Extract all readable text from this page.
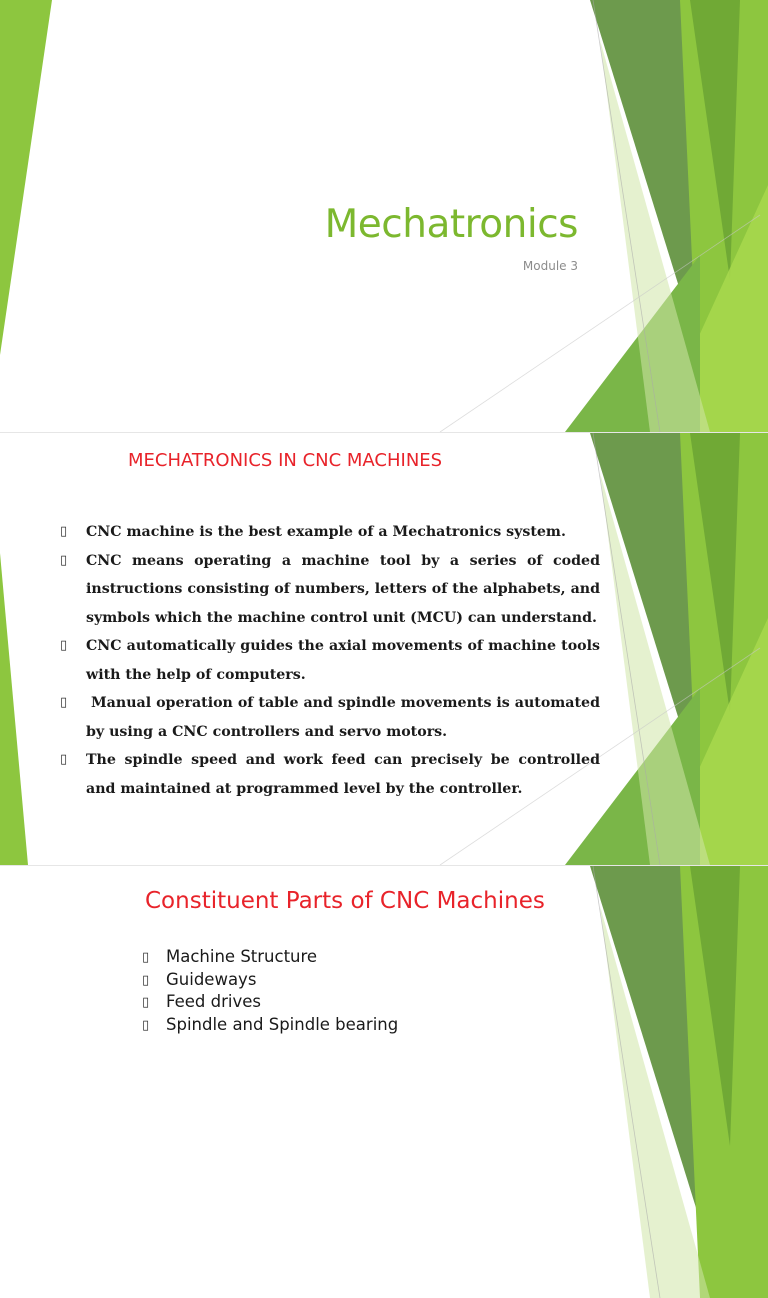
Mechatronics
Module 3
MECHATRONICS IN CNC MACHINES
▯ CNC machine is the best example of a Mechatronics system.
▯ CNC means operating a machine tool by a series of coded instructions consisting of numbers, letters of the alphabets, and symbols which the machine control unit (MCU) can understand.
▯ CNC automatically guides the axial movements of machine tools with the help of computers.
▯ Manual operation of table and spindle movements is automated by using a CNC controllers and servo motors.
▯ The spindle speed and work feed can precisely be controlled and maintained at programmed level by the controller.
Constituent Parts of CNC Machines
▯ Machine Structure
▯ Guideways
▯ Feed drives
▯ Spindle and Spindle bearing
